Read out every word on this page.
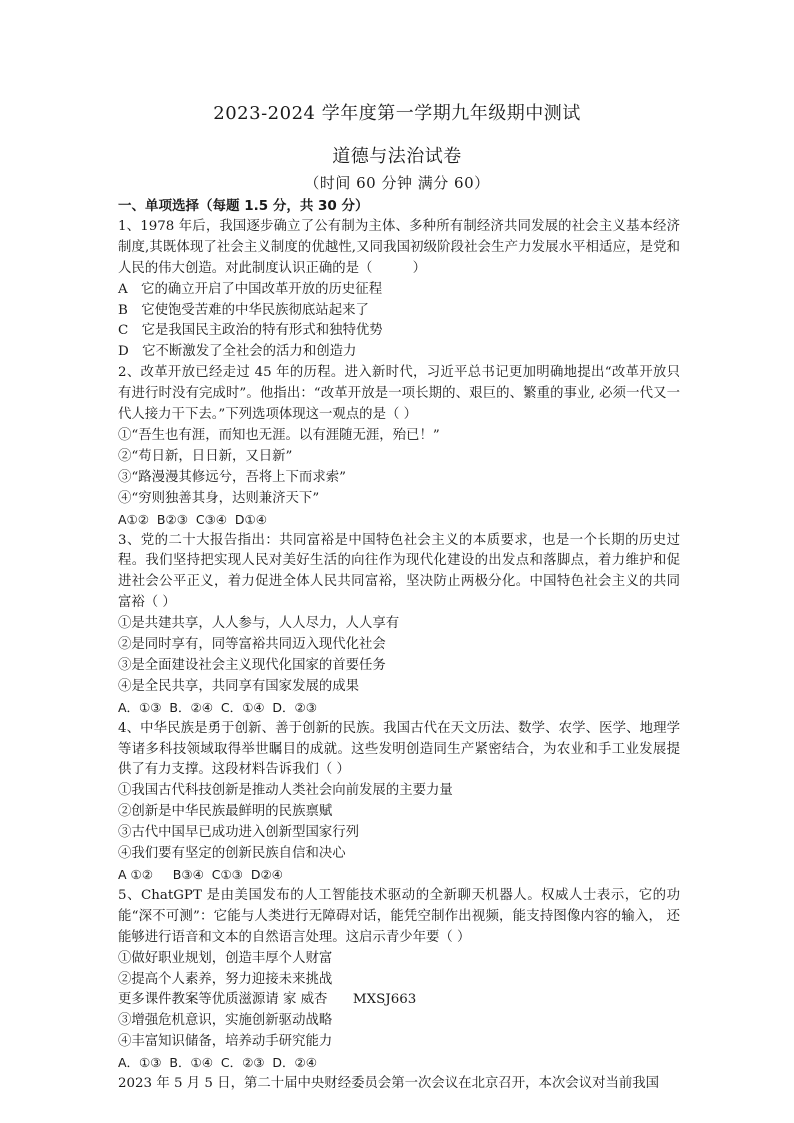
2023-2024 学年度第一学期九年级期中测试
道德与法治试卷
（时间 60 分钟 满分 60）

一、单项选择（每题 1.5 分，共 30 分）

1、1978 年后，我国逐步确立了公有制为主体、多种所有制经济共同发展的社会主义基本经济制度,其既体现了社会主义制度的优越性,又同我国初级阶段社会生产力发展水平相适应，是党和人民的伟大创造。对此制度认识正确的是（　　　）

A　它的确立开启了中国改革开放的历史征程

B　它使饱受苦难的中华民族彻底站起来了

C　它是我国民主政治的特有形式和独特优势

D　它不断激发了全社会的活力和创造力

2、改革开放已经走过 45 年的历程。进入新时代，习近平总书记更加明确地提出“改革开放只有进行时没有完成时”。他指出：“改革开放是一项长期的、艰巨的、繁重的事业, 必须一代又一代人接力干下去。”下列选项体现这一观点的是（ ）

①“吾生也有涯，而知也无涯。以有涯随无涯，殆已！”

②“苟日新，日日新，又日新”

③“路漫漫其修远兮，吾将上下而求索”

④“穷则独善其身，达则兼济天下”

A①②  B②③  C③④  D①④

3、党的二十大报告指出：共同富裕是中国特色社会主义的本质要求，也是一个长期的历史过程。我们坚持把实现人民对美好生活的向往作为现代化建设的出发点和落脚点，着力维护和促进社会公平正义，着力促进全体人民共同富裕，坚决防止两极分化。中国特色社会主义的共同富裕（ ）

①是共建共享，人人参与，人人尽力，人人享有

②是同时享有，同等富裕共同迈入现代化社会

③是全面建设社会主义现代化国家的首要任务

④是全民共享，共同享有国家发展的成果

A．①③  B．②④  C．①④  D．②③

4、中华民族是勇于创新、善于创新的民族。我国古代在天文历法、数学、农学、医学、地理学等诸多科技领域取得举世瞩目的成就。这些发明创造同生产紧密结合，为农业和手工业发展提供了有力支撑。这段材料告诉我们（ ）

①我国古代科技创新是推动人类社会向前发展的主要力量

②创新是中华民族最鲜明的民族禀赋

③古代中国早已成功进入创新型国家行列

④我们要有坚定的创新民族自信和决心

A ①②     B③④  C①③  D②④

5、ChatGPT 是由美国发布的人工智能技术驱动的全新聊天机器人。权威人士表示，它的功能“深不可测”：它能与人类进行无障碍对话，能凭空制作出视频，能支持图像内容的输入， 还能够进行语音和文本的自然语言处理。这启示青少年要（ ）

①做好职业规划，创造丰厚个人财富

②提高个人素养，努力迎接未来挑战

更多课件教案等优质滋源请 家 威杏      MXSJ663

③增强危机意识，实施创新驱动战略

④丰富知识储备，培养动手研究能力

A．①③  B．①④  C．②③  D．②④

2023 年 5 月 5 日，第二十届中央财经委员会第一次会议在北京召开，本次会议对当前我国
